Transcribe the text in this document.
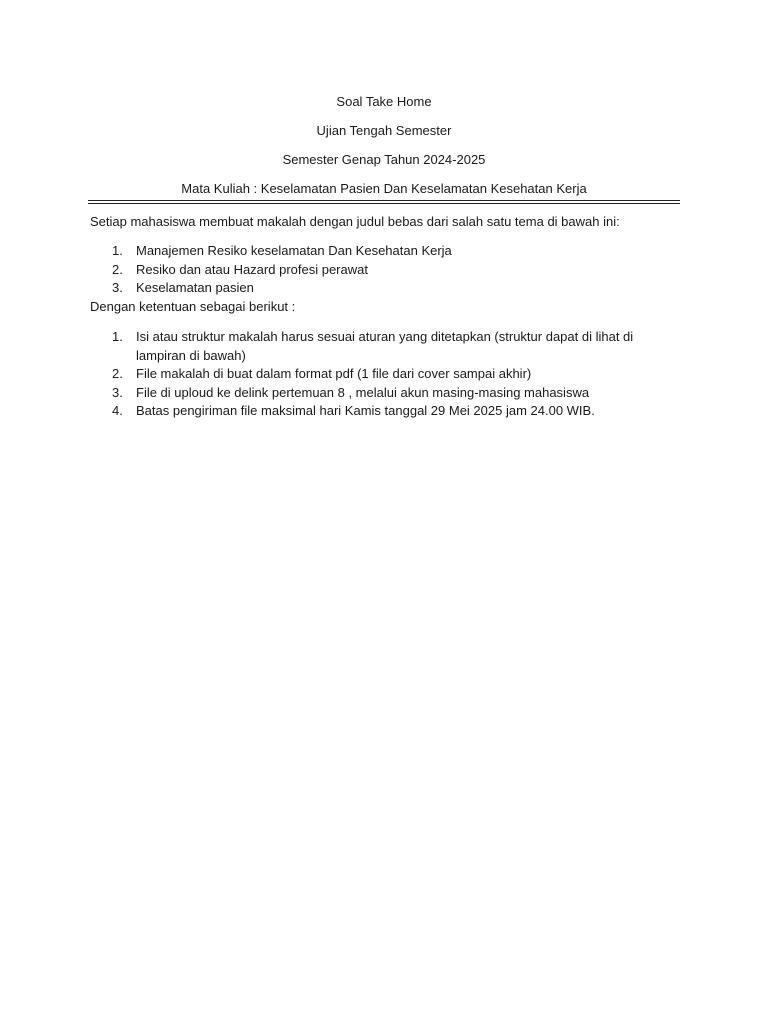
Soal Take Home
Ujian Tengah Semester
Semester Genap Tahun 2024-2025
Mata Kuliah : Keselamatan Pasien Dan Keselamatan Kesehatan Kerja
Setiap mahasiswa membuat makalah dengan judul bebas dari salah satu tema di bawah ini:
1.	Manajemen Resiko keselamatan Dan Kesehatan Kerja
2.	Resiko dan atau Hazard profesi perawat
3.	Keselamatan pasien
Dengan ketentuan sebagai berikut :
1.	Isi atau struktur makalah harus sesuai aturan yang ditetapkan (struktur dapat di lihat di lampiran di bawah)
2.	File makalah di buat dalam format pdf (1 file dari cover sampai akhir)
3.	File di uploud ke delink pertemuan 8 , melalui akun masing-masing mahasiswa
4.	Batas pengiriman file maksimal hari Kamis tanggal 29 Mei 2025 jam 24.00 WIB.
